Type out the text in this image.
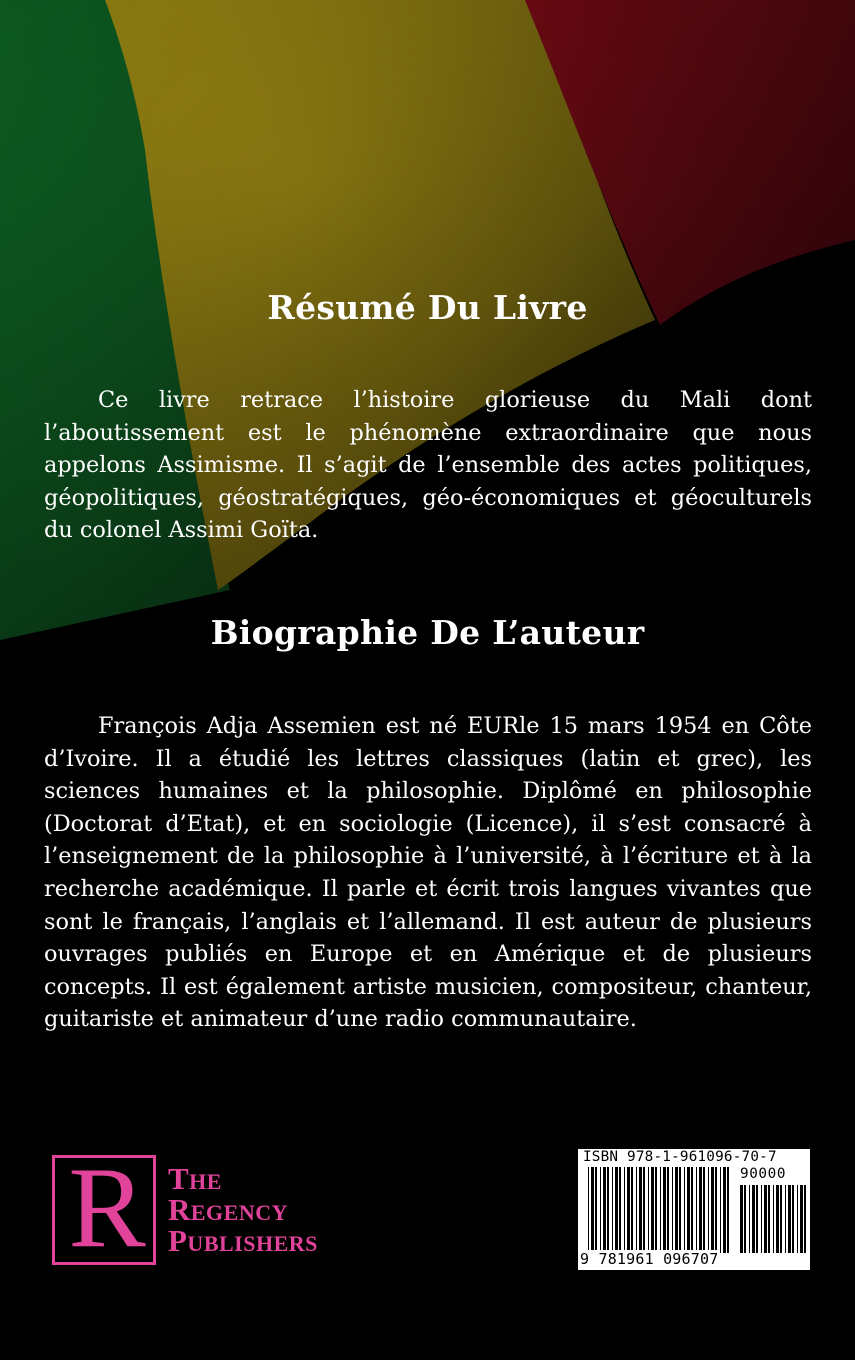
Résumé Du Livre

Ce livre retrace l’histoire glorieuse du Mali dont l’aboutissement est le phénomène extraordinaire que nous appelons Assimisme. Il s’agit de l’ensemble des actes politiques, géopolitiques, géostratégiques, géo-économiques et géoculturels du colonel Assimi Goïta.

Biographie De L’auteur

François Adja Assemien est né EURle 15 mars 1954 en Côte d’Ivoire. Il a étudié les lettres classiques (latin et grec), les sciences humaines et la philosophie. Diplômé en philosophie (Doctorat d’Etat), et en sociologie (Licence), il s’est consacré à l’enseignement de la philosophie à l’université, à l’écriture et à la recherche académique. Il parle et écrit trois langues vivantes que sont le français, l’anglais et l’allemand. Il est auteur de plusieurs ouvrages publiés en Europe et en Amérique et de plusieurs concepts. Il est également artiste musicien, compositeur, chanteur, guitariste et animateur d’une radio communautaire.

R The
Regency
Publishers
ISBN 978-1-961096-70-7
90000
9 781961 096707
